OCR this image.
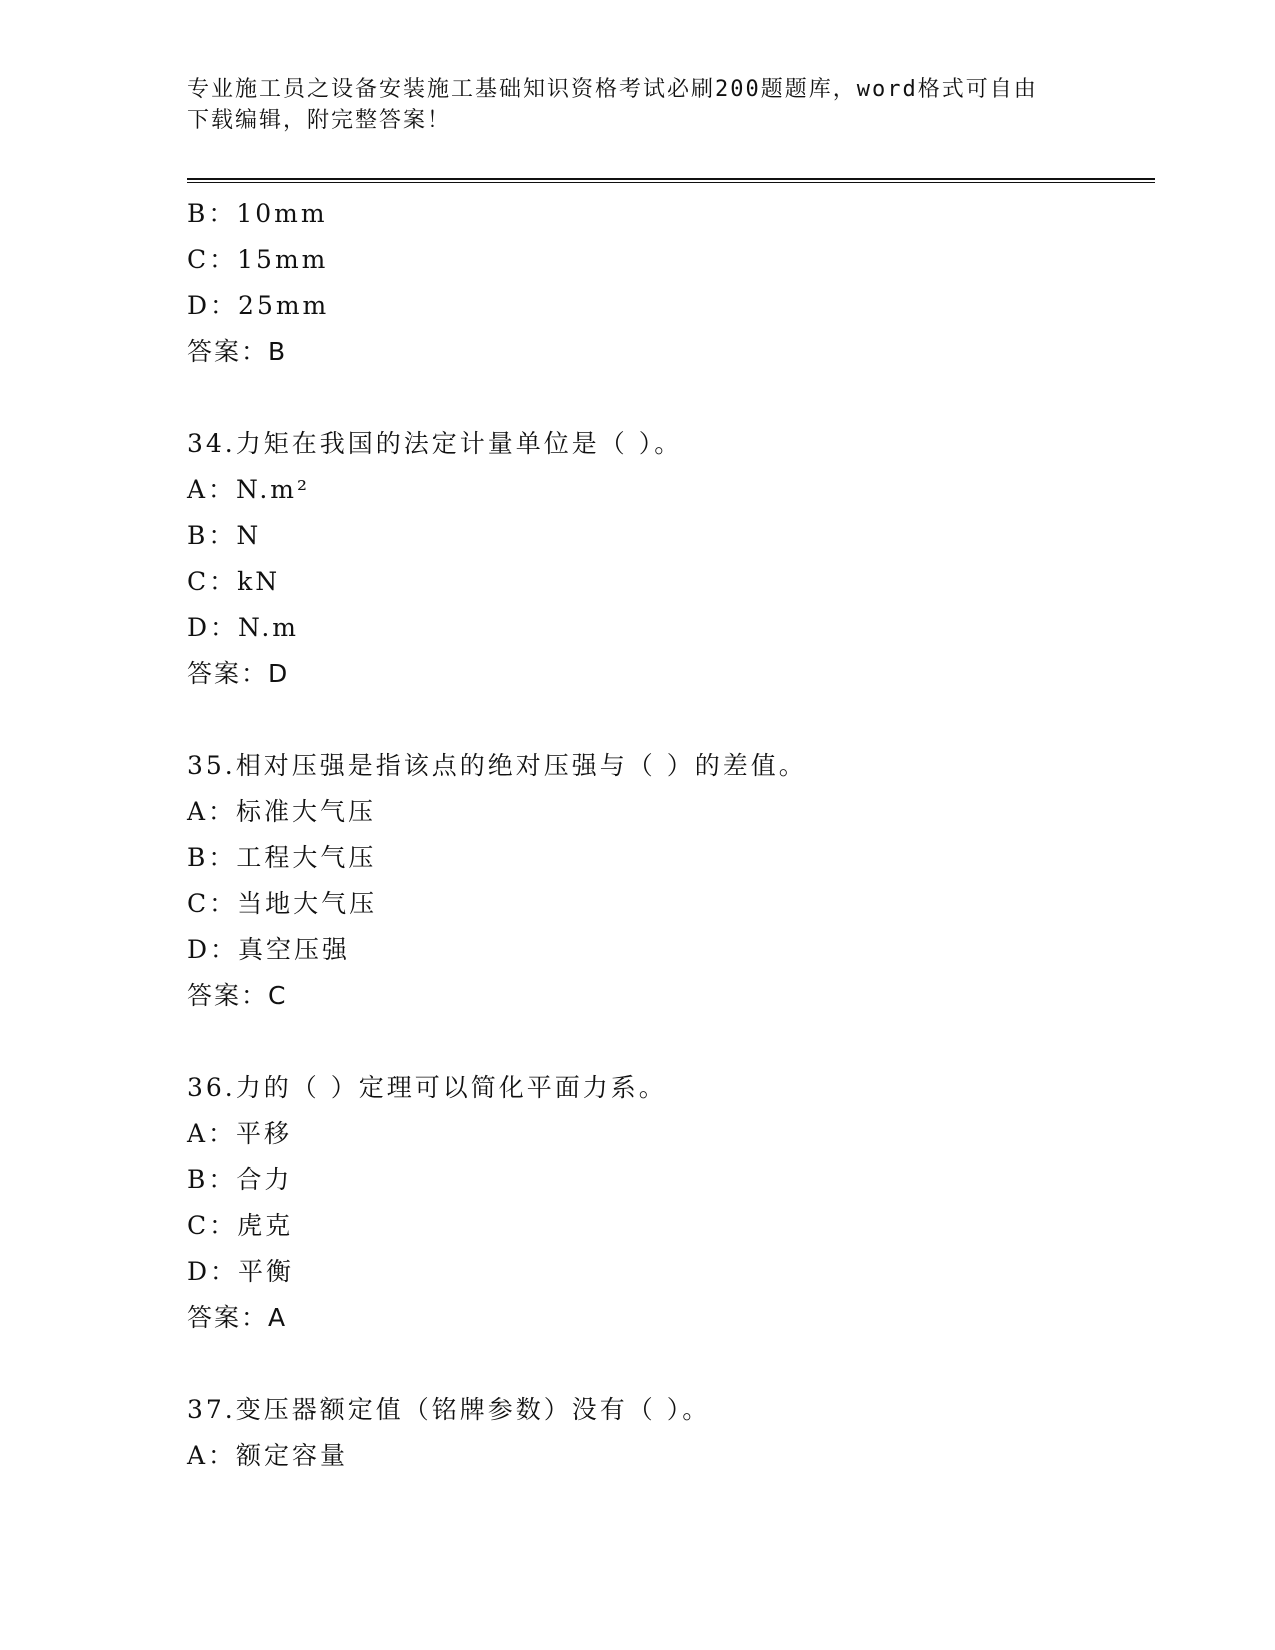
专业施工员之设备安装施工基础知识资格考试必刷200题题库，word格式可自由
下载编辑，附完整答案！
B：10mm
C：15mm
D：25mm
答案：B
34.力矩在我国的法定计量单位是（ ）。
A：N.m²
B：N
C：kN
D：N.m
答案：D
35.相对压强是指该点的绝对压强与（ ）的差值。
A：标准大气压
B：工程大气压
C：当地大气压
D：真空压强
答案：C
36.力的（ ）定理可以简化平面力系。
A：平移
B：合力
C：虎克
D：平衡
答案：A
37.变压器额定值（铭牌参数）没有（ ）。
A：额定容量
